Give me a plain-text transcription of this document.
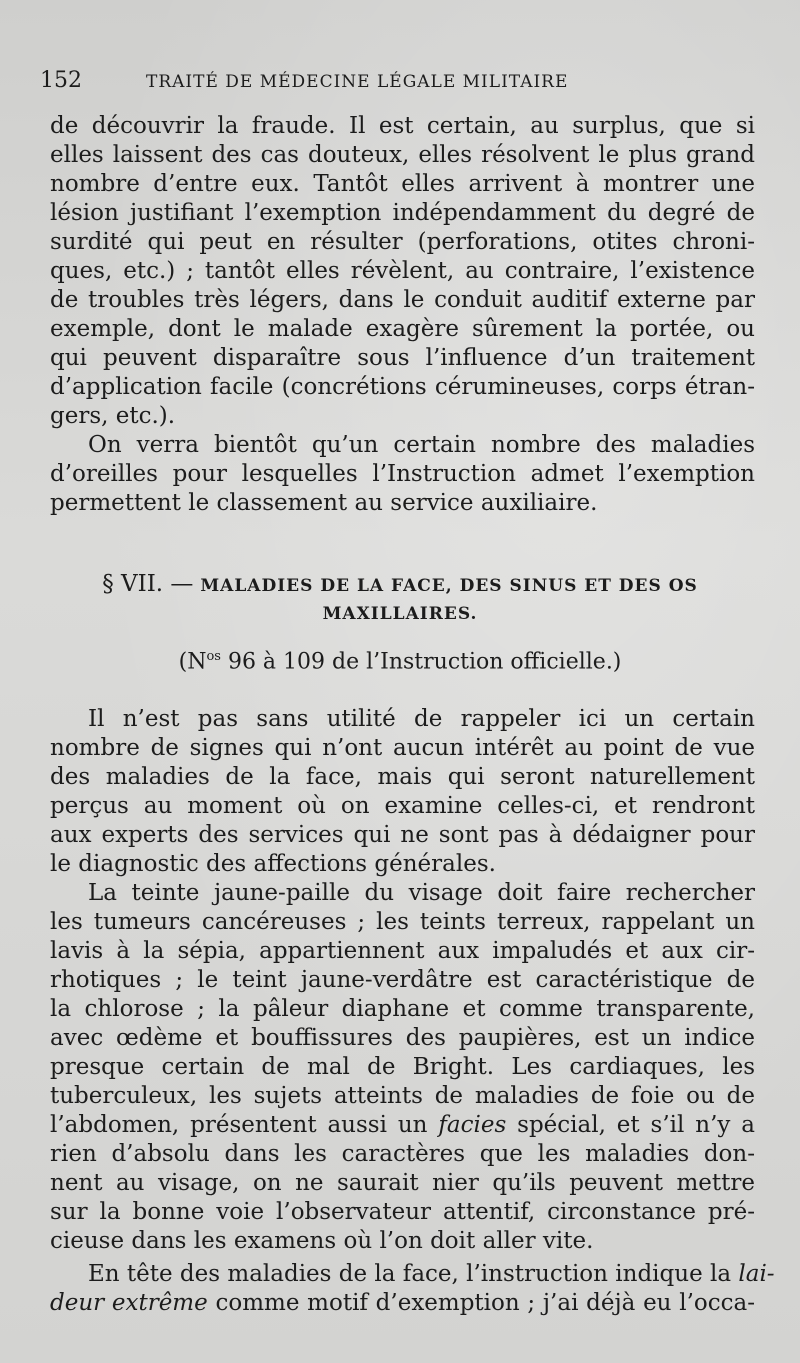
152	TRAITÉ DE MÉDECINE LÉGALE MILITAIRE
de découvrir la fraude. Il est certain, au surplus, que si
elles laissent des cas douteux, elles résolvent le plus grand
nombre d’entre eux. Tantôt elles arrivent à montrer une
lésion justifiant l’exemption indépendamment du degré de
surdité qui peut en résulter (perforations, otites chroni-
ques, etc.) ; tantôt elles révèlent, au contraire, l’existence
de troubles très légers, dans le conduit auditif externe par
exemple, dont le malade exagère sûrement la portée, ou
qui peuvent disparaître sous l’influence d’un traitement
d’application facile (concrétions cérumineuses, corps étran-
gers, etc.).
On verra bientôt qu’un certain nombre des maladies
d’oreilles pour lesquelles l’Instruction admet l’exemption
permettent le classement au service auxiliaire.
§ VII. — MALADIES DE LA FACE, DES SINUS ET DES OS
MAXILLAIRES.
(N$^{os}$ 96 à 109 de l’Instruction officielle.)
Il n’est pas sans utilité de rappeler ici un certain
nombre de signes qui n’ont aucun intérêt au point de vue
des maladies de la face, mais qui seront naturellement
perçus au moment où on examine celles-ci, et rendront
aux experts des services qui ne sont pas à dédaigner pour
le diagnostic des affections générales.
La teinte jaune-paille du visage doit faire rechercher
les tumeurs cancéreuses ; les teints terreux, rappelant un
lavis à la sépia, appartiennent aux impaludés et aux cir-
rhotiques ; le teint jaune-verdâtre est caractéristique de
la chlorose ; la pâleur diaphane et comme transparente,
avec œdème et bouffissures des paupières, est un indice
presque certain de mal de Bright. Les cardiaques, les
tuberculeux, les sujets atteints de maladies de foie ou de
l’abdomen, présentent aussi un facies spécial, et s’il n’y a
rien d’absolu dans les caractères que les maladies don-
nent au visage, on ne saurait nier qu’ils peuvent mettre
sur la bonne voie l’observateur attentif, circonstance pré-
cieuse dans les examens où l’on doit aller vite.
En tête des maladies de la face, l’instruction indique la lai-
deur extrême comme motif d’exemption ; j’ai déjà eu l’occa-
